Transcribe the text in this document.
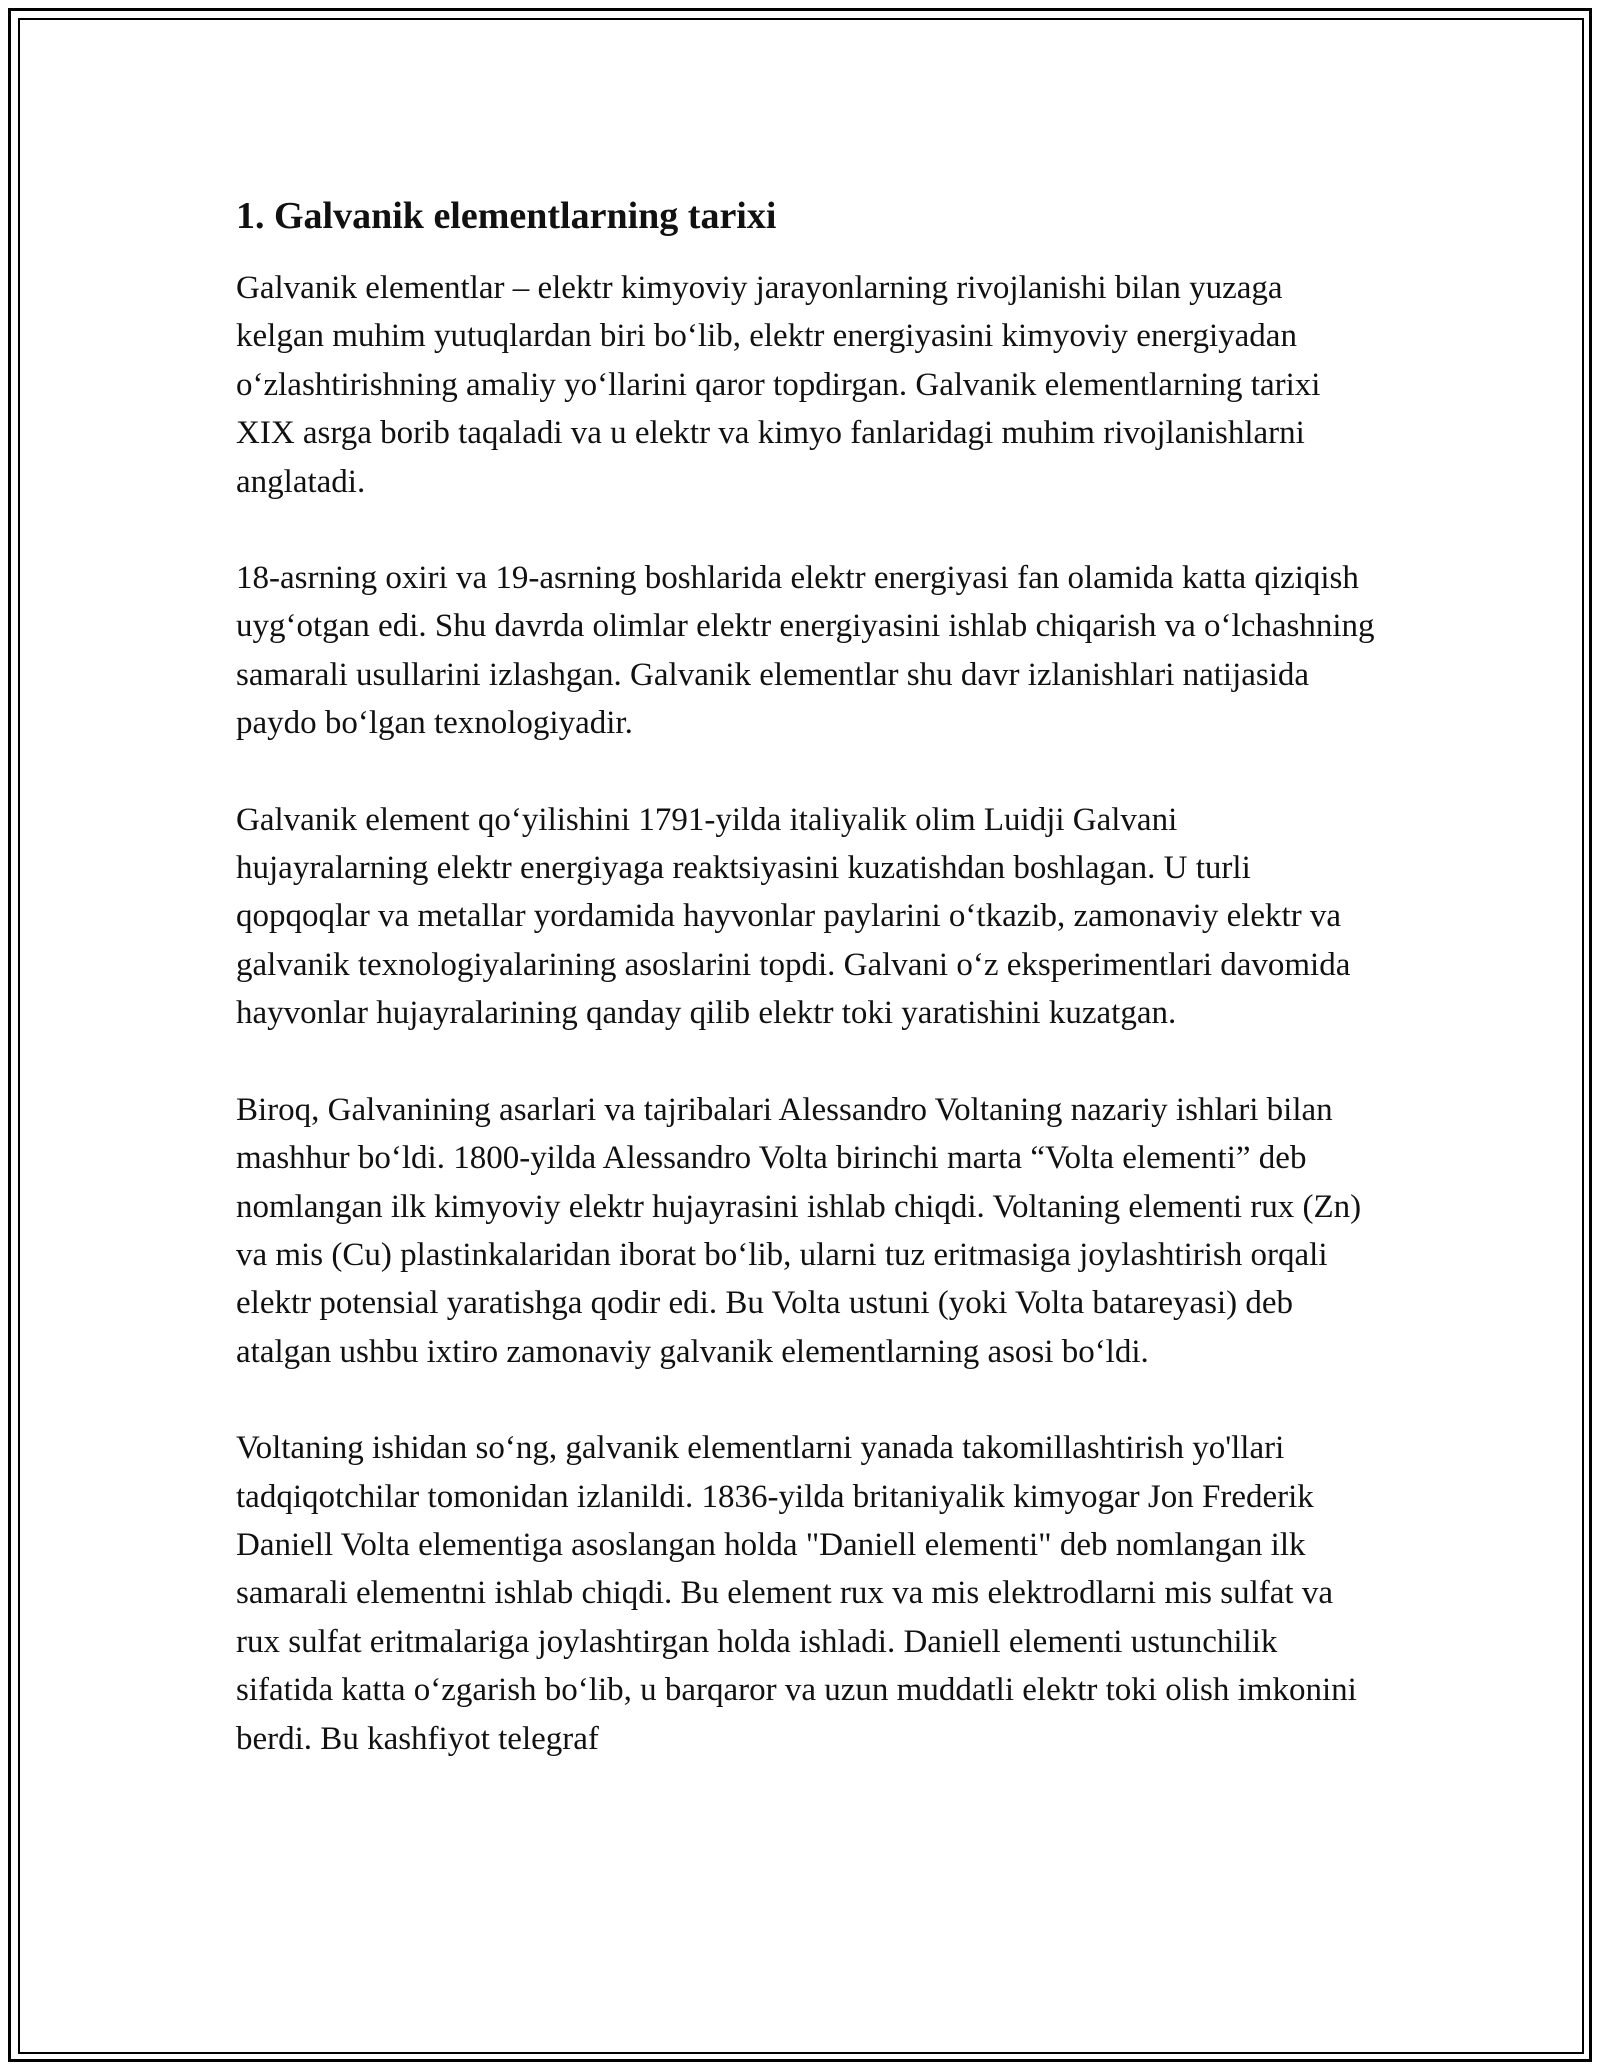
1. Galvanik elementlarning tarixi

Galvanik elementlar – elektr kimyoviy jarayonlarning rivojlanishi bilan yuzaga kelgan muhim yutuqlardan biri bo‘lib, elektr energiyasini kimyoviy energiyadan o‘zlashtirishning amaliy yo‘llarini qaror topdirgan. Galvanik elementlarning tarixi XIX asrga borib taqaladi va u elektr va kimyo fanlaridagi muhim rivojlanishlarni anglatadi.

18-asrning oxiri va 19-asrning boshlarida elektr energiyasi fan olamida katta qiziqish uyg‘otgan edi. Shu davrda olimlar elektr energiyasini ishlab chiqarish va o‘lchashning samarali usullarini izlashgan. Galvanik elementlar shu davr izlanishlari natijasida paydo bo‘lgan texnologiyadir.

Galvanik element qo‘yilishini 1791-yilda italiyalik olim Luidji Galvani hujayralarning elektr energiyaga reaktsiyasini kuzatishdan boshlagan. U turli qopqoqlar va metallar yordamida hayvonlar paylarini o‘tkazib, zamonaviy elektr va galvanik texnologiyalarining asoslarini topdi. Galvani o‘z eksperimentlari davomida hayvonlar hujayralarining qanday qilib elektr toki yaratishini kuzatgan.

Biroq, Galvanining asarlari va tajribalari Alessandro Voltaning nazariy ishlari bilan mashhur bo‘ldi. 1800-yilda Alessandro Volta birinchi marta “Volta elementi” deb nomlangan ilk kimyoviy elektr hujayrasini ishlab chiqdi. Voltaning elementi rux (Zn) va mis (Cu) plastinkalaridan iborat bo‘lib, ularni tuz eritmasiga joylashtirish orqali elektr potensial yaratishga qodir edi. Bu Volta ustuni (yoki Volta batareyasi) deb atalgan ushbu ixtiro zamonaviy galvanik elementlarning asosi bo‘ldi.

Voltaning ishidan so‘ng, galvanik elementlarni yanada takomillashtirish yo'llari tadqiqotchilar tomonidan izlanildi. 1836-yilda britaniyalik kimyogar Jon Frederik Daniell Volta elementiga asoslangan holda "Daniell elementi" deb nomlangan ilk samarali elementni ishlab chiqdi. Bu element rux va mis elektrodlarni mis sulfat va rux sulfat eritmalariga joylashtirgan holda ishladi. Daniell elementi ustunchilik sifatida katta o‘zgarish bo‘lib, u barqaror va uzun muddatli elektr toki olish imkonini berdi. Bu kashfiyot telegraf
